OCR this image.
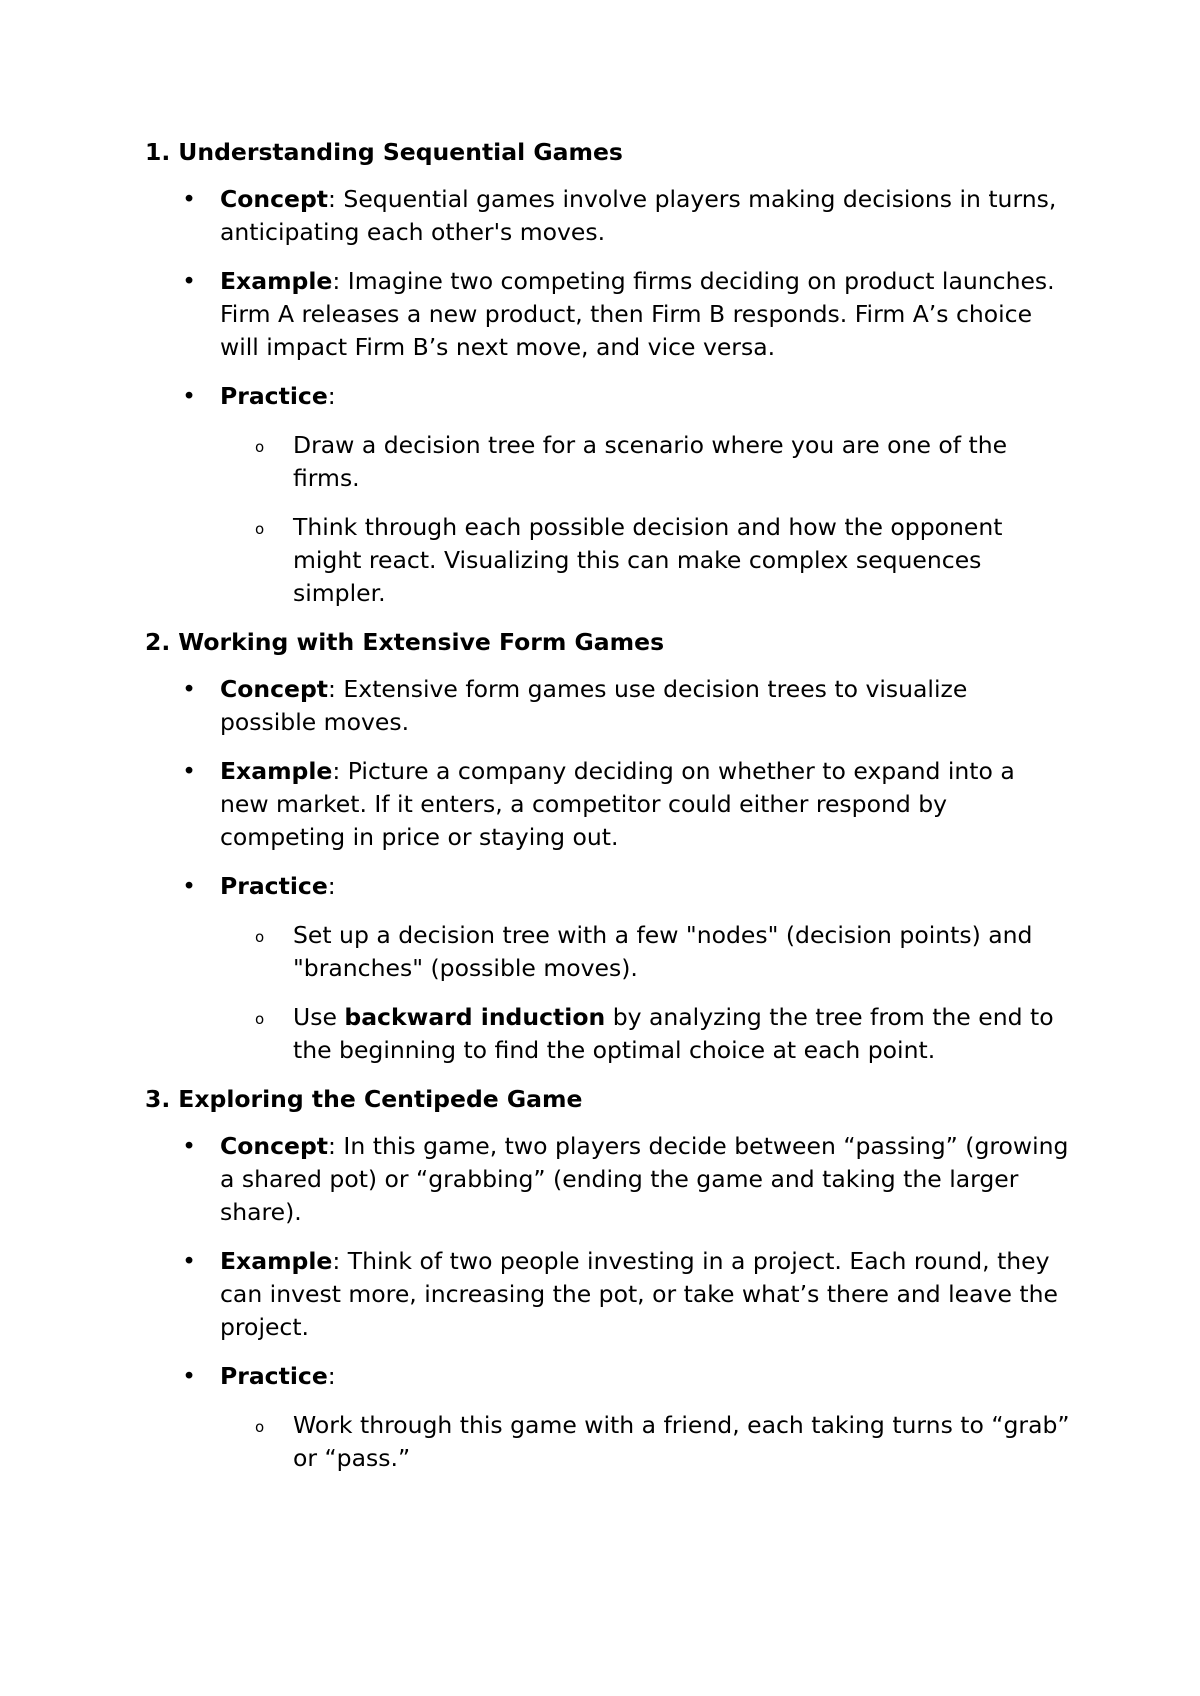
1. Understanding Sequential Games
• Concept: Sequential games involve players making decisions in turns, anticipating each other's moves.
• Example: Imagine two competing firms deciding on product launches. Firm A releases a new product, then Firm B responds. Firm A’s choice will impact Firm B’s next move, and vice versa.
• Practice:
o Draw a decision tree for a scenario where you are one of the firms.
o Think through each possible decision and how the opponent might react. Visualizing this can make complex sequences simpler.
2. Working with Extensive Form Games
• Concept: Extensive form games use decision trees to visualize possible moves.
• Example: Picture a company deciding on whether to expand into a new market. If it enters, a competitor could either respond by competing in price or staying out.
• Practice:
o Set up a decision tree with a few "nodes" (decision points) and "branches" (possible moves).
o Use backward induction by analyzing the tree from the end to the beginning to find the optimal choice at each point.
3. Exploring the Centipede Game
• Concept: In this game, two players decide between “passing” (growing a shared pot) or “grabbing” (ending the game and taking the larger share).
• Example: Think of two people investing in a project. Each round, they can invest more, increasing the pot, or take what’s there and leave the project.
• Practice:
o Work through this game with a friend, each taking turns to “grab” or “pass.”
